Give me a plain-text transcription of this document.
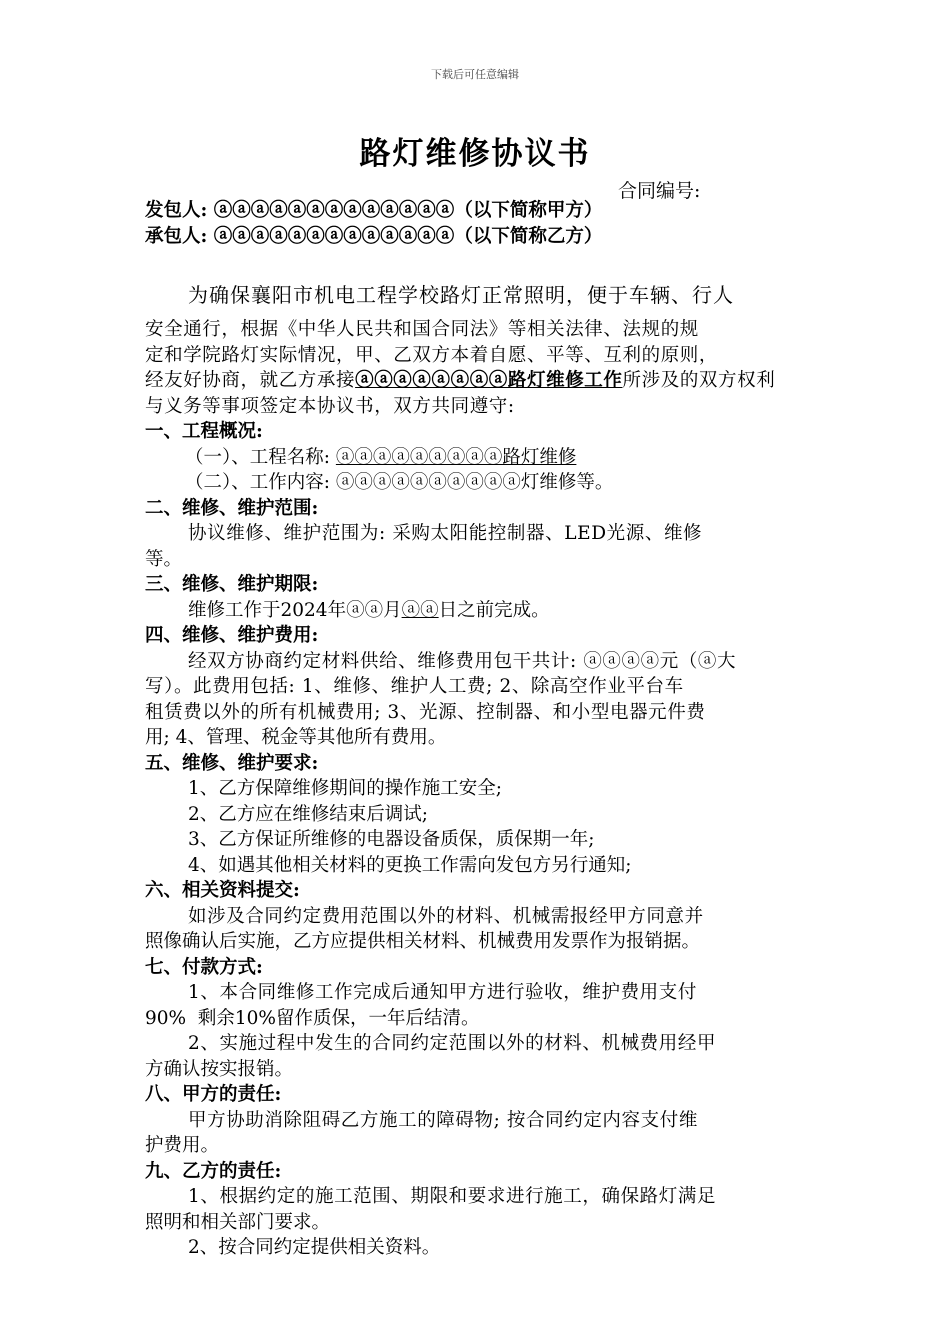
下载后可任意编辑
路灯维修协议书
合同编号:
发包人: ⓐⓐⓐⓐⓐⓐⓐⓐⓐⓐⓐⓐⓐ（以下简称甲方）
承包人: ⓐⓐⓐⓐⓐⓐⓐⓐⓐⓐⓐⓐⓐ（以下简称乙方）
为确保襄阳市机电工程学校路灯正常照明，便于车辆、行人
安全通行，根据《中华人民共和国合同法》等相关法律、法规的规
定和学院路灯实际情况，甲、乙双方本着自愿、平等、互利的原则，
经友好协商，就乙方承接ⓐⓐⓐⓐⓐⓐⓐⓐ路灯维修工作所涉及的双方权利
与义务等事项签定本协议书，双方共同遵守:
一、工程概况:
（一）、工程名称: ⓐⓐⓐⓐⓐⓐⓐⓐⓐ路灯维修
（二）、工作内容: ⓐⓐⓐⓐⓐⓐⓐⓐⓐⓐ灯维修等。
二、维修、维护范围:
协议维修、维护范围为: 采购太阳能控制器、LED光源、维修
等。
三、维修、维护期限:
维修工作于2024年ⓐⓐ月ⓐⓐ日之前完成。
四、维修、维护费用:
经双方协商约定材料供给、维修费用包干共计: ⓐⓐⓐⓐ元（ⓐ大
写）。此费用包括: 1、维修、维护人工费; 2、除高空作业平台车
租赁费以外的所有机械费用; 3、光源、控制器、和小型电器元件费
用; 4、管理、税金等其他所有费用。
五、维修、维护要求:
1、乙方保障维修期间的操作施工安全;
2、乙方应在维修结束后调试;
3、乙方保证所维修的电器设备质保，质保期一年;
4、如遇其他相关材料的更换工作需向发包方另行通知;
六、相关资料提交:
如涉及合同约定费用范围以外的材料、机械需报经甲方同意并
照像确认后实施，乙方应提供相关材料、机械费用发票作为报销据。
七、付款方式:
1、本合同维修工作完成后通知甲方进行验收，维护费用支付
90%  剩余10%留作质保，一年后结清。
2、实施过程中发生的合同约定范围以外的材料、机械费用经甲
方确认按实报销。
八、甲方的责任:
甲方协助消除阻碍乙方施工的障碍物; 按合同约定内容支付维
护费用。
九、乙方的责任:
1、根据约定的施工范围、期限和要求进行施工，确保路灯满足
照明和相关部门要求。
2、按合同约定提供相关资料。
